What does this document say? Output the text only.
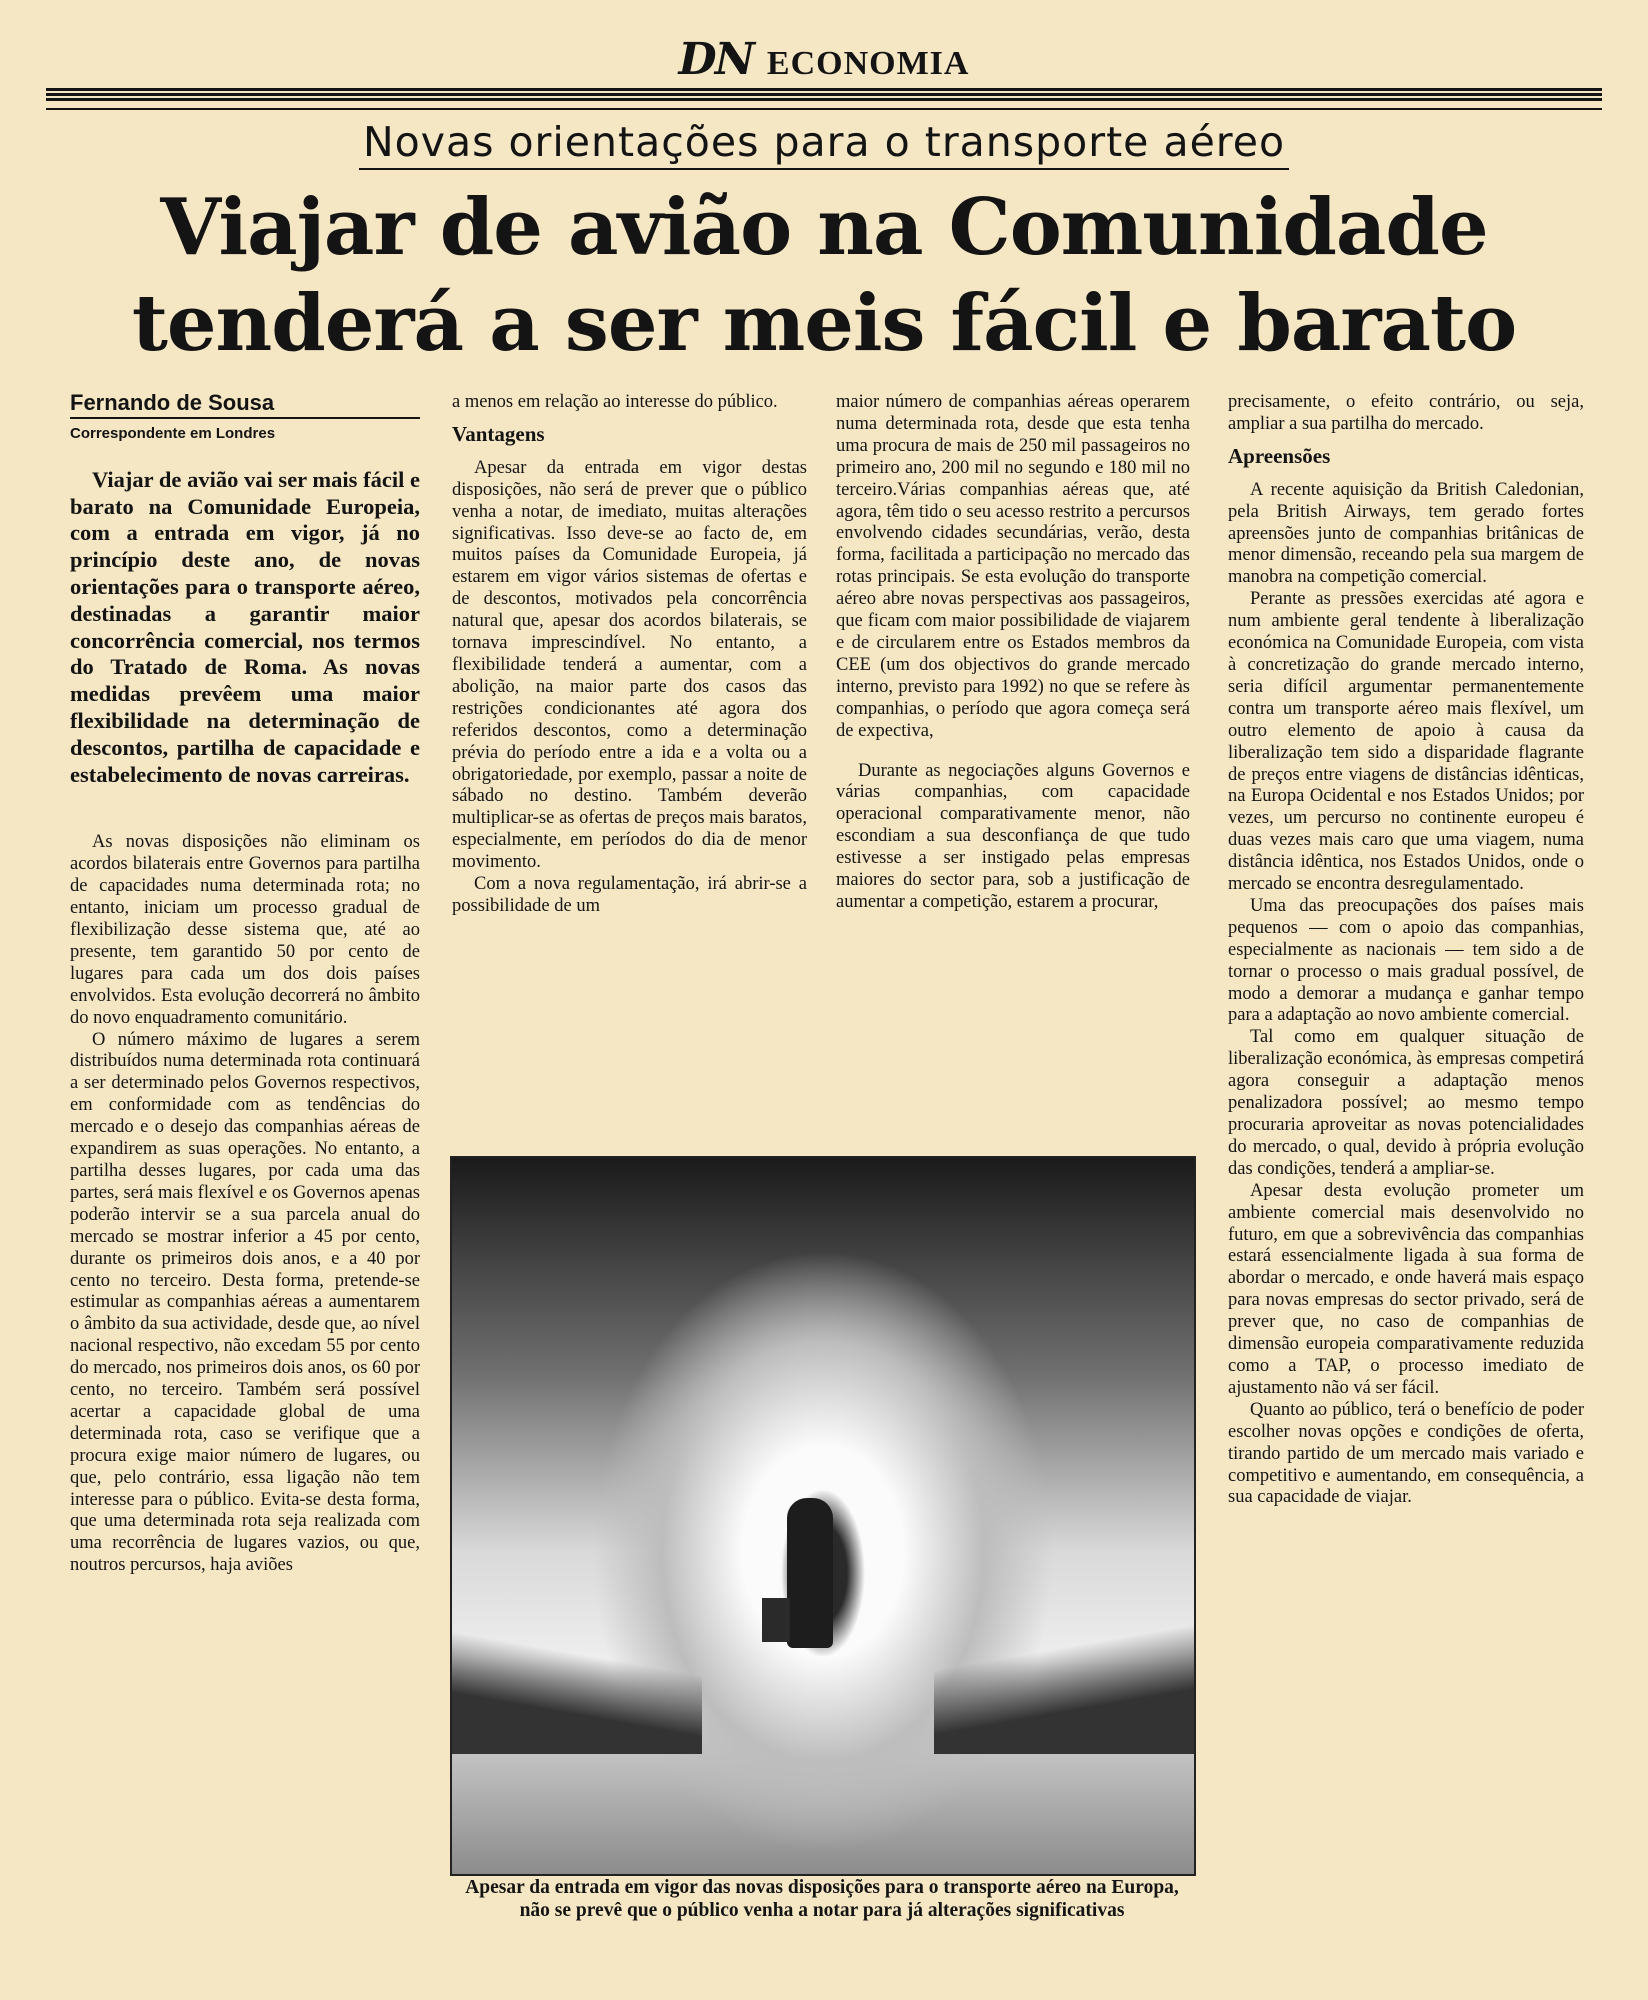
DN ECONOMIA
Novas orientações para o transporte aéreo
Viajar de avião na Comunidade
tenderá a ser meis fácil e barato
Fernando de Sousa
Correspondente em Londres

Viajar de avião vai ser mais fácil e barato na Comunidade Europeia, com a entrada em vigor, já no princípio deste ano, de novas orientações para o transporte aéreo, destinadas a garantir maior concorrência comercial, nos termos do Tratado de Roma. As novas medidas prevêem uma maior flexibilidade na determinação de descontos, partilha de capacidade e estabelecimento de novas carreiras.

As novas disposições não eliminam os acordos bilaterais entre Governos para partilha de capacidades numa determinada rota; no entanto, iniciam um processo gradual de flexibilização desse sistema que, até ao presente, tem garantido 50 por cento de lugares para cada um dos dois países envolvidos. Esta evolução decorrerá no âmbito do novo enquadramento comunitário.

O número máximo de lugares a serem distribuídos numa determinada rota continuará a ser determinado pelos Governos respectivos, em conformidade com as tendências do mercado e o desejo das companhias aéreas de expandirem as suas operações. No entanto, a partilha desses lugares, por cada uma das partes, será mais flexível e os Governos apenas poderão intervir se a sua parcela anual do mercado se mostrar inferior a 45 por cento, durante os primeiros dois anos, e a 40 por cento no terceiro. Desta forma, pretende-se estimular as companhias aéreas a aumentarem o âmbito da sua actividade, desde que, ao nível nacional respectivo, não excedam 55 por cento do mercado, nos primeiros dois anos, os 60 por cento, no terceiro. Também será possível acertar a capacidade global de uma determinada rota, caso se verifique que a procura exige maior número de lugares, ou que, pelo contrário, essa ligação não tem interesse para o público. Evita-se desta forma, que uma determinada rota seja realizada com uma recorrência de lugares vazios, ou que, noutros percursos, haja aviões

a menos em relação ao interesse do público.

Vantagens

Apesar da entrada em vigor destas disposições, não será de prever que o público venha a notar, de imediato, muitas alterações significativas. Isso deve-se ao facto de, em muitos países da Comunidade Europeia, já estarem em vigor vários sistemas de ofertas e de descontos, motivados pela concorrência natural que, apesar dos acordos bilaterais, se tornava imprescindível. No entanto, a flexibilidade tenderá a aumentar, com a abolição, na maior parte dos casos das restrições condicionantes até agora dos referidos descontos, como a determinação prévia do período entre a ida e a volta ou a obrigatoriedade, por exemplo, passar a noite de sábado no destino. Também deverão multiplicar-se as ofertas de preços mais baratos, especialmente, em períodos do dia de menor movimento.

Com a nova regulamentação, irá abrir-se a possibilidade de um

maior número de companhias aéreas operarem numa determinada rota, desde que esta tenha uma procura de mais de 250 mil passageiros no primeiro ano, 200 mil no segundo e 180 mil no terceiro.Várias companhias aéreas que, até agora, têm tido o seu acesso restrito a percursos envolvendo cidades secundárias, verão, desta forma, facilitada a participação no mercado das rotas principais. Se esta evolução do transporte aéreo abre novas perspectivas aos passageiros, que ficam com maior possibilidade de viajarem e de circularem entre os Estados membros da CEE (um dos objectivos do grande mercado interno, previsto para 1992) no que se refere às companhias, o período que agora começa será de expectiva,

Durante as negociações alguns Governos e várias companhias, com capacidade operacional comparativamente menor, não escondiam a sua desconfiança de que tudo estivesse a ser instigado pelas empresas maiores do sector para, sob a justificação de aumentar a competição, estarem a procurar,

precisamente, o efeito contrário, ou seja, ampliar a sua partilha do mercado.

Apreensões

A recente aquisição da British Caledonian, pela British Airways, tem gerado fortes apreensões junto de companhias britânicas de menor dimensão, receando pela sua margem de manobra na competição comercial.

Perante as pressões exercidas até agora e num ambiente geral tendente à liberalização económica na Comunidade Europeia, com vista à concretização do grande mercado interno, seria difícil argumentar permanentemente contra um transporte aéreo mais flexível, um outro elemento de apoio à causa da liberalização tem sido a disparidade flagrante de preços entre viagens de distâncias idênticas, na Europa Ocidental e nos Estados Unidos; por vezes, um percurso no continente europeu é duas vezes mais caro que uma viagem, numa distância idêntica, nos Estados Unidos, onde o mercado se encontra desregulamentado.

Uma das preocupações dos países mais pequenos — com o apoio das companhias, especialmente as nacionais — tem sido a de tornar o processo o mais gradual possível, de modo a demorar a mudança e ganhar tempo para a adaptação ao novo ambiente comercial.

Tal como em qualquer situação de liberalização económica, às empresas competirá agora conseguir a adaptação menos penalizadora possível; ao mesmo tempo procuraria aproveitar as novas potencialidades do mercado, o qual, devido à própria evolução das condições, tenderá a ampliar-se.

Apesar desta evolução prometer um ambiente comercial mais desenvolvido no futuro, em que a sobrevivência das companhias estará essencialmente ligada à sua forma de abordar o mercado, e onde haverá mais espaço para novas empresas do sector privado, será de prever que, no caso de companhias de dimensão europeia comparativamente reduzida como a TAP, o processo imediato de ajustamento não vá ser fácil.

Quanto ao público, terá o benefício de poder escolher novas opções e condições de oferta, tirando partido de um mercado mais variado e competitivo e aumentando, em consequência, a sua capacidade de viajar.

Apesar da entrada em vigor das novas disposições para o transporte aéreo na Europa, não se prevê que o público venha a notar para já alterações significativas
